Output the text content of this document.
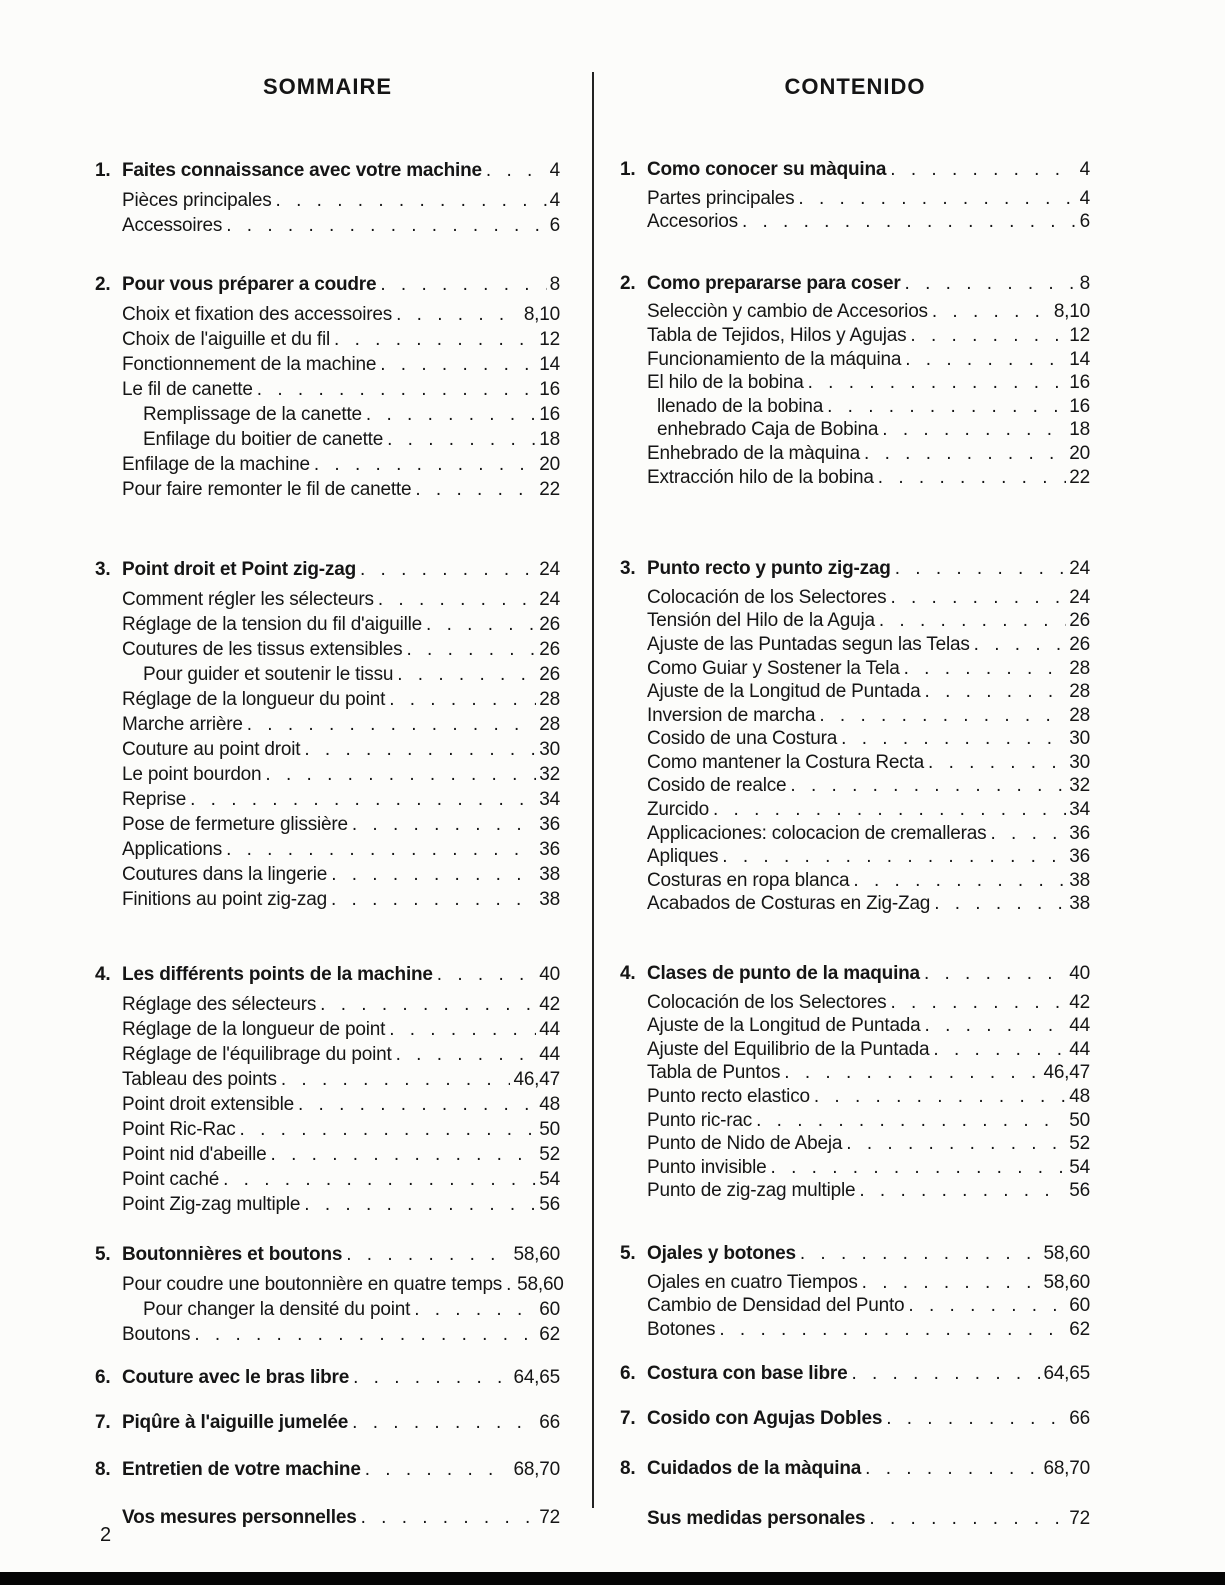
SOMMAIRE
1. Faites connaissance avec votre machine . . .	4
Pièces principales . . .	4
Accessoires . . .	6
2. Pour vous préparer a coudre . . .	8
Choix et fixation des accessoires . . .	8,10
Choix de l'aiguille et du fil . . .	12
Fonctionnement de la machine . . .	14
Le fil de canette . . .	16
Remplissage de la canette . . .	16
Enfilage du boitier de canette . . .	18
Enfilage de la machine . . .	20
Pour faire remonter le fil de canette . . .	22
3. Point droit et Point zig-zag . . .	24
Comment régler les sélecteurs . . .	24
Réglage de la tension du fil d'aiguille . . .	26
Coutures de les tissus extensibles . . .	26
Pour guider et soutenir le tissu . . .	26
Réglage de la longueur du point . . .	28
Marche arrière . . .	28
Couture au point droit . . .	30
Le point bourdon . . .	32
Reprise . . .	34
Pose de fermeture glissière . . .	36
Applications . . .	36
Coutures dans la lingerie . . .	38
Finitions au point zig-zag . . .	38
4. Les différents points de la machine . . .	40
Réglage des sélecteurs . . .	42
Réglage de la longueur de point . . .	44
Réglage de l'équilibrage du point . . .	44
Tableau des points . . .	46,47
Point droit extensible . . .	48
Point Ric-Rac . . .	50
Point nid d'abeille . . .	52
Point caché . . .	54
Point Zig-zag multiple . . .	56
5. Boutonnières et boutons . . .	58,60
Pour coudre une boutonnière en quatre temps . . . 58,60
Pour changer la densité du point . . .	60
Boutons . . .	62
6. Couture avec le bras libre . . .	64,65
7. Piqûre à l'aiguille jumelée . . .	66
8. Entretien de votre machine . . .	68,70
Vos mesures personnelles . . .	72
CONTENIDO
1. Como conocer su màquina . . .	4
Partes principales . . .	4
Accesorios . . .	6
2. Como prepararse para coser . . .	8
Selecciòn y cambio de Accesorios . . .	8,10
Tabla de Tejidos, Hilos y Agujas . . .	12
Funcionamiento de la máquina . . .	14
El hilo de la bobina . . .	16
llenado de la bobina . . .	16
enhebrado Caja de Bobina . . .	18
Enhebrado de la màquina . . .	20
Extracción hilo de la bobina . . .	22
3. Punto recto y punto zig-zag . . .	24
Colocación de los Selectores . . .	24
Tensión del Hilo de la Aguja . . .	26
Ajuste de las Puntadas segun las Telas . . .	26
Como Guiar y Sostener la Tela . . .	28
Ajuste de la Longitud de Puntada . . .	28
Inversion de marcha . . .	28
Cosido de una Costura . . .	30
Como mantener la Costura Recta . . .	30
Cosido de realce . . .	32
Zurcido . . .	34
Applicaciones: colocacion de cremalleras . . .	36
Apliques . . .	36
Costuras en ropa blanca . . .	38
Acabados de Costuras en Zig-Zag . . .	38
4. Clases de punto de la maquina . . .	40
Colocación de los Selectores . . .	42
Ajuste de la Longitud de Puntada . . .	44
Ajuste del Equilibrio de la Puntada . . .	44
Tabla de Puntos . . .	46,47
Punto recto elastico . . .	48
Punto ric-rac . . .	50
Punto de Nido de Abeja . . .	52
Punto invisible . . .	54
Punto de zig-zag multiple . . .	56
5. Ojales y botones . . .	58,60
Ojales en cuatro Tiempos . . .	58,60
Cambio de Densidad del Punto . . .	60
Botones . . .	62
6. Costura con base libre . . .	64,65
7. Cosido con Agujas Dobles . . .	66
8. Cuidados de la màquina . . .	68,70
Sus medidas personales . . .	72
2
